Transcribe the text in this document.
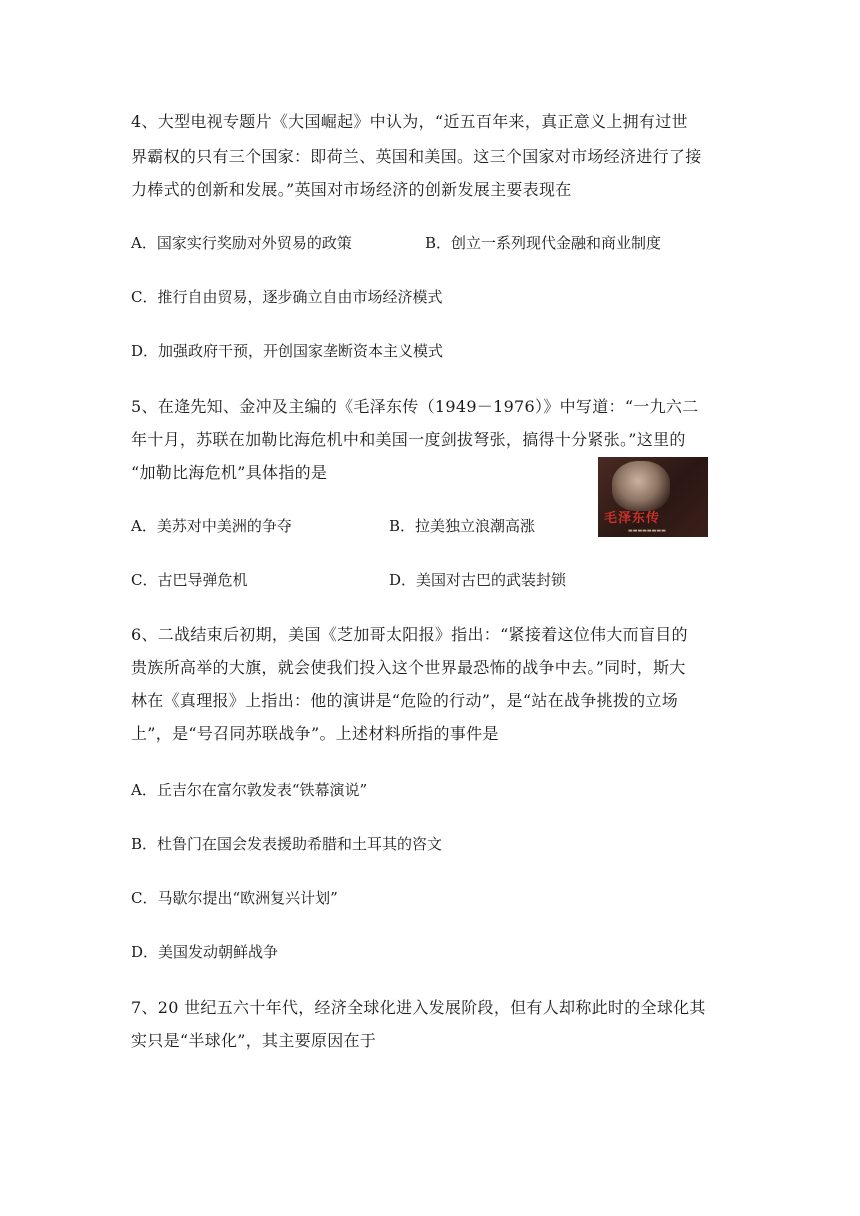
4、大型电视专题片《大国崛起》中认为，“近五百年来，真正意义上拥有过世
界霸权的只有三个国家：即荷兰、英国和美国。这三个国家对市场经济进行了接
力棒式的创新和发展。”英国对市场经济的创新发展主要表现在
A．国家实行奖励对外贸易的政策	B．创立一系列现代金融和商业制度
C．推行自由贸易，逐步确立自由市场经济模式
D．加强政府干预，开创国家垄断资本主义模式
5、在逄先知、金冲及主编的《毛泽东传（1949－1976）》中写道：“一九六二
年十月，苏联在加勒比海危机中和美国一度剑拔弩张，搞得十分紧张。”这里的
“加勒比海危机”具体指的是
毛泽东传
▬▬▬▬▬▬▬▬
A．美苏对中美洲的争夺	B．拉美独立浪潮高涨
C．古巴导弹危机	D．美国对古巴的武装封锁
6、二战结束后初期，美国《芝加哥太阳报》指出：“紧接着这位伟大而盲目的
贵族所高举的大旗，就会使我们投入这个世界最恐怖的战争中去。”同时，斯大
林在《真理报》上指出：他的演讲是“危险的行动”，是“站在战争挑拨的立场
上”，是“号召同苏联战争”。上述材料所指的事件是
A．丘吉尔在富尔敦发表“铁幕演说”
B．杜鲁门在国会发表援助希腊和土耳其的咨文
C．马歇尔提出“欧洲复兴计划”
D．美国发动朝鲜战争
7、20 世纪五六十年代，经济全球化进入发展阶段，但有人却称此时的全球化其
实只是“半球化”，其主要原因在于
